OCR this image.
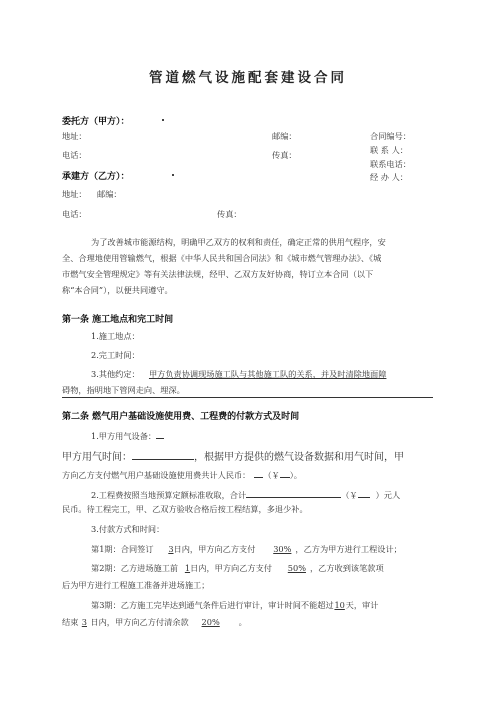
管道燃气设施配套建设合同
委托方（甲方）：
地址：	邮编：	合同编号：
电话：	传真：	联 系 人：
联系电话：
承建方（乙方）：	经 办 人：
地址： 邮编：
电话：	传真：
为了改善城市能源结构，明确甲乙双方的权利和责任，确定正常的供用气程序，安
全、合理地使用管输燃气，根据《中华人民共和国合同法》和《城市燃气管理办法》、《城
市燃气安全管理规定》等有关法律法规，经甲、乙双方友好协商，特订立本合同（以下
称“本合同”），以便共同遵守。
第一条 施工地点和完工时间
1.施工地点：
2.完工时间：
3.其他约定： 甲方负责协调现场施工队与其他施工队的关系，并及时清除地面障
碍物，指明地下管网走向、埋深。
第二条 燃气用户基础设施使用费、工程费的付款方式及时间
1.甲方用气设备：
甲方用气时间：	，根据甲方提供的燃气设备数据和用气时间，甲
方向乙方支付燃气用户基础设施使用费共计人民币： （￥ ）。
2.工程费按照当地预算定额标准收取，合计	（￥ ）元人
民币。待工程完工，甲、乙双方验收合格后按工程结算，多退少补。
3.付款方式和时间：
第1期：合同签订 3日内，甲方向乙方支付 30% ，乙方为甲方进行工程设计；
第2期：乙方进场施工前 1日内，甲方向乙方支付 50% ，乙方收到该笔款项
后为甲方进行工程施工准备并进场施工；
第3期：乙方施工完毕达到通气条件后进行审计，审计时间不能超过10天，审计
结束 3 日内，甲方向乙方付清余款 20% 。
